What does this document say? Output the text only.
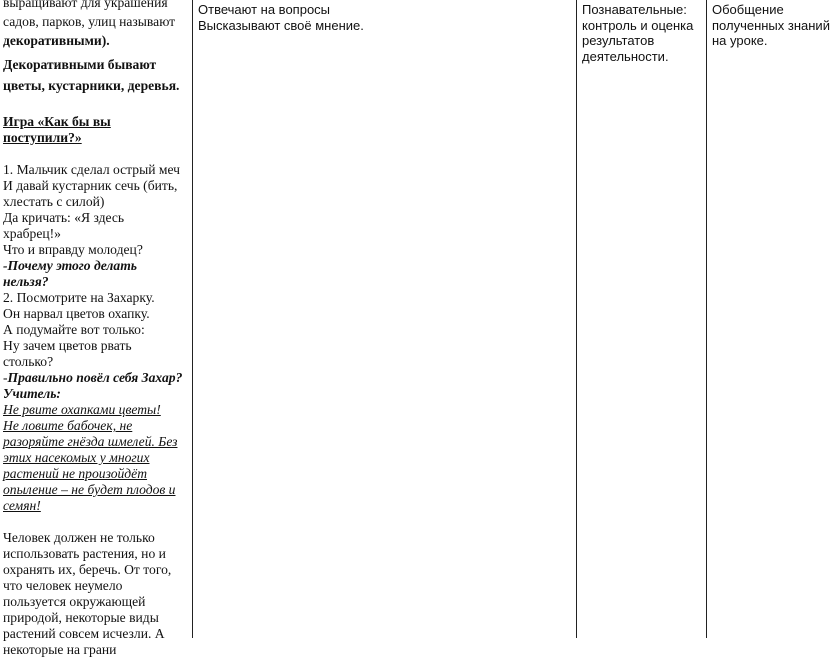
выращивают для украшения

садов, парков, улиц называют

декоративными).

Декоративными бывают

цветы, кустарники, деревья.

Игра «Как бы вы

поступили?»

1. Мальчик сделал острый меч

И давай кустарник сечь (бить,

хлестать с силой)

Да кричать: «Я здесь

храбрец!»

Что и вправду молодец?

-Почему этого делать

нельзя?

2. Посмотрите на Захарку.

Он нарвал цветов охапку.

А подумайте вот только:

Ну зачем цветов рвать

столько?

-Правильно повёл себя Захар?

Учитель:

Не рвите охапками цветы!

Не ловите бабочек, не

разоряйте гнёзда шмелей. Без

этих насекомых у многих

растений не произойдёт

опыление – не будет плодов и

семян!

Человек должен не только

использовать растения, но и

охранять их, беречь. От того,

что человек неумело

пользуется окружающей

природой, некоторые виды

растений совсем исчезли. А

некоторые на грани

Отвечают на вопросы

Высказывают своё мнение.

Познавательные:

контроль и оценка

результатов

деятельности.

Обобщение

полученных знаний

на уроке.
